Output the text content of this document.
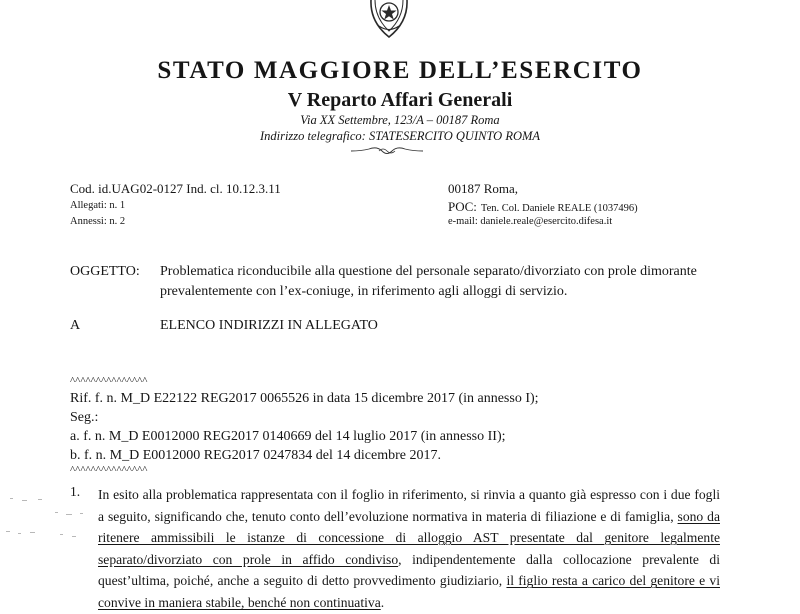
STATO MAGGIORE DELL’ESERCITO
V Reparto Affari Generali
Via XX Settembre, 123/A – 00187 Roma
Indirizzo telegrafico: STATESERCITO QUINTO ROMA
Cod. id.UAG02-0127 Ind. cl. 10.12.3.11
Allegati: n. 1
Annessi: n. 2
00187 Roma,
POC: Ten. Col. Daniele REALE (1037496)
e-mail: daniele.reale@esercito.difesa.it
OGGETTO: Problematica riconducibile alla questione del personale separato/divorziato con prole dimorante
prevalentemente con l’ex-coniuge, in riferimento agli alloggi di servizio.
A	ELENCO INDIRIZZI IN ALLEGATO
^^^^^^^^^^^^^^^
Rif. f. n. M_D E22122 REG2017 0065526 in data 15 dicembre 2017 (in annesso I);
Seg.:
a. f. n. M_D E0012000 REG2017 0140669 del 14 luglio 2017 (in annesso II);
b. f. n. M_D E0012000 REG2017 0247834 del 14 dicembre 2017.
^^^^^^^^^^^^^^^
1. In esito alla problematica rappresentata con il foglio in riferimento, si rinvia a quanto già espresso con i due fogli a seguito, significando che, tenuto conto dell’evoluzione normativa in materia di filiazione e di famiglia, sono da ritenere ammissibili le istanze di concessione di alloggio AST presentate dal genitore legalmente separato/divorziato con prole in affido condiviso, indipendentemente dalla collocazione prevalente di quest’ultima, poiché, anche a seguito di detto provvedimento giudiziario, il figlio resta a carico del genitore e vi convive in maniera stabile, benché non continuativa.
